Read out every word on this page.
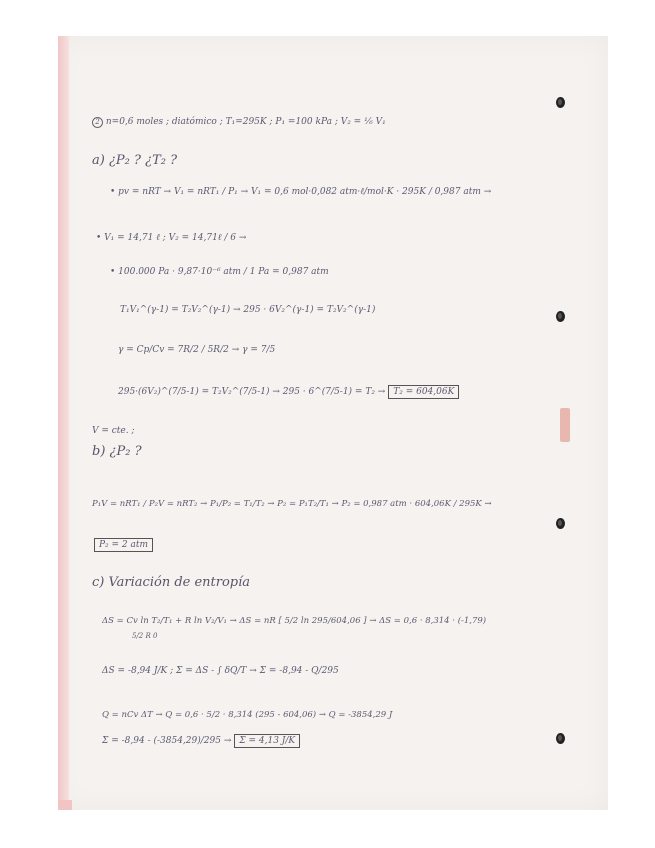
2 n=0,6 moles ; diatómico ; T₁=295K ; P₁ =100 kPa ; V₂ = ¹⁄₆ V₁
a) ¿P₂ ? ¿T₂ ?
• pv = nRT → V₁ = nRT₁ / P₁ → V₁ = 0,6 mol·0,082 atm·ℓ/mol·K · 295K / 0,987 atm →
• V₁ = 14,71 ℓ ; V₂ = 14,71ℓ / 6 →
• 100.000 Pa · 9,87·10⁻⁶ atm / 1 Pa = 0,987 atm
T₁V₁^(γ-1) = T₂V₂^(γ-1) → 295 · 6V₂^(γ-1) = T₂V₂^(γ-1)
γ = Cp/Cv = 7R/2 / 5R/2 → γ = 7/5
295·(6V₂)^(7/5-1) = T₂V₂^(7/5-1) → 295 · 6^(7/5-1) = T₂ → T₂ = 604,06K
V = cte. ;
b) ¿P₂ ?
P₁V = nRT₁ / P₂V = nRT₂ → P₁/P₂ = T₁/T₂ → P₂ = P₁T₂/T₁ → P₂ = 0,987 atm · 604,06K / 295K →
P₂ = 2 atm
c) Variación de entropía
ΔS = Cv ln T₂/T₁ + R ln V₂/V₁ → ΔS = nR [ 5/2 ln 295/604,06 ] → ΔS = 0,6 · 8,314 · (-1,79)
5/2 R 0
ΔS = -8,94 J/K ; Σ = ΔS - ∫ δQ/T → Σ = -8,94 - Q/295
Q = nCv ΔT → Q = 0,6 · 5/2 · 8,314 (295 - 604,06) → Q = -3854,29 J
Σ = -8,94 - (-3854,29)/295 → Σ = 4,13 J/K
